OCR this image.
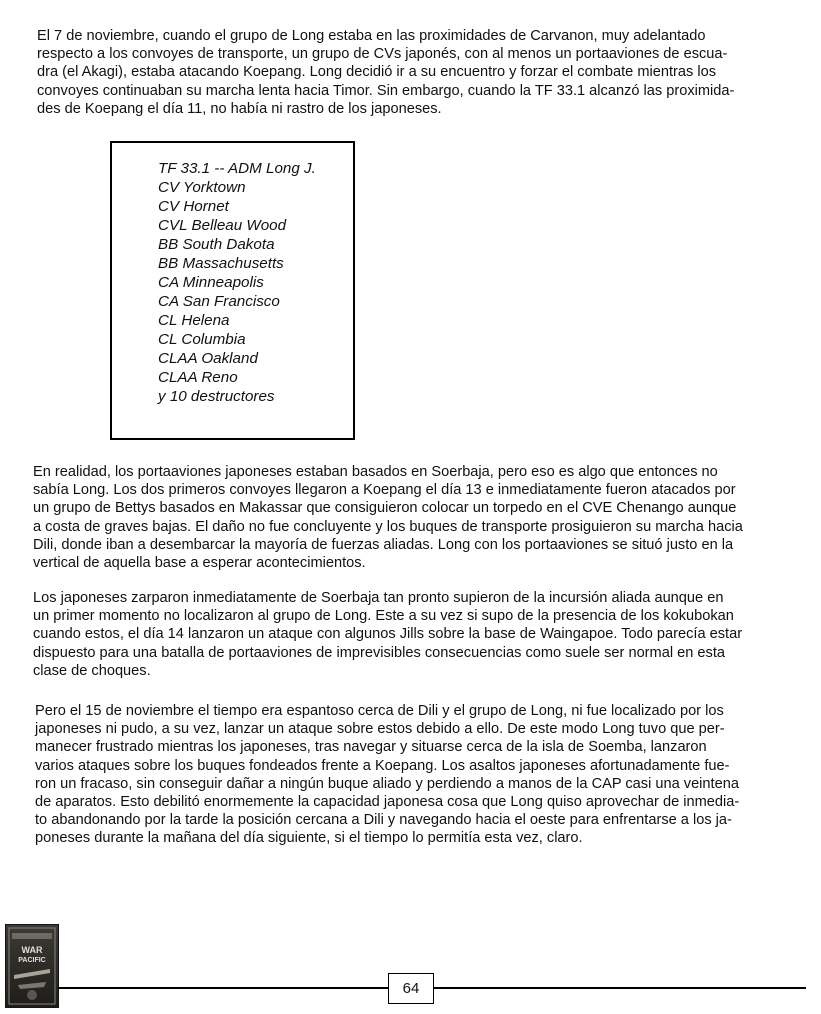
El 7 de noviembre, cuando el grupo de Long estaba en las proximidades de Carvanon, muy adelantado
respecto a los convoyes de transporte, un grupo de CVs japonés, con al menos un portaaviones de escua-
dra (el Akagi), estaba atacando Koepang. Long decidió ir a su encuentro y forzar el combate mientras los
convoyes continuaban su marcha lenta hacia Timor. Sin embargo, cuando la TF 33.1 alcanzó las proximida-
des de Koepang el día 11, no había ni rastro de los japoneses.

TF 33.1 -- ADM Long J.
CV Yorktown
CV Hornet
CVL Belleau Wood
BB South Dakota
BB Massachusetts
CA Minneapolis
CA San Francisco
CL Helena
CL Columbia
CLAA Oakland
CLAA Reno
y 10 destructores

En realidad, los portaaviones japoneses estaban basados en Soerbaja, pero eso es algo que entonces no
sabía Long. Los dos primeros convoyes llegaron a Koepang el día 13 e inmediatamente fueron atacados por
un grupo de Bettys basados en Makassar que consiguieron colocar un torpedo en el CVE Chenango aunque
a costa de graves bajas. El daño no fue concluyente y los buques de transporte prosiguieron su marcha hacia
Dili, donde iban a desembarcar la mayoría de fuerzas aliadas. Long con los portaaviones se situó justo en la
vertical de aquella base a esperar acontecimientos.

Los japoneses zarparon inmediatamente de Soerbaja tan pronto supieron de la incursión aliada aunque en
un primer momento no localizaron al grupo de Long. Este a su vez si supo de la presencia de los kokubokan
cuando estos, el día 14 lanzaron un ataque con algunos Jills sobre la base de Waingapoe. Todo parecía estar
dispuesto para una batalla de portaaviones de imprevisibles consecuencias como suele ser normal en esta
clase de choques.

Pero el 15 de noviembre el tiempo era espantoso cerca de Dili y el grupo de Long, ni fue localizado por los
japoneses ni pudo, a su vez, lanzar un ataque sobre estos debido a ello. De este modo Long tuvo que per-
manecer frustrado mientras los japoneses, tras navegar y situarse cerca de la isla de Soemba, lanzaron
varios ataques sobre los buques fondeados frente a Koepang. Los asaltos japoneses afortunadamente fue-
ron un fracaso, sin conseguir dañar a ningún buque aliado y perdiendo a manos de la CAP casi una veintena
de aparatos. Esto debilitó enormemente la capacidad japonesa cosa que Long quiso aprovechar de inmedia-
to abandonando por la tarde la posición cercana a Dili y navegando hacia el oeste para enfrentarse a los ja-
poneses durante la mañana del día siguiente, si el tiempo lo permitía esta vez, claro.

WAR
PACIFIC
64
